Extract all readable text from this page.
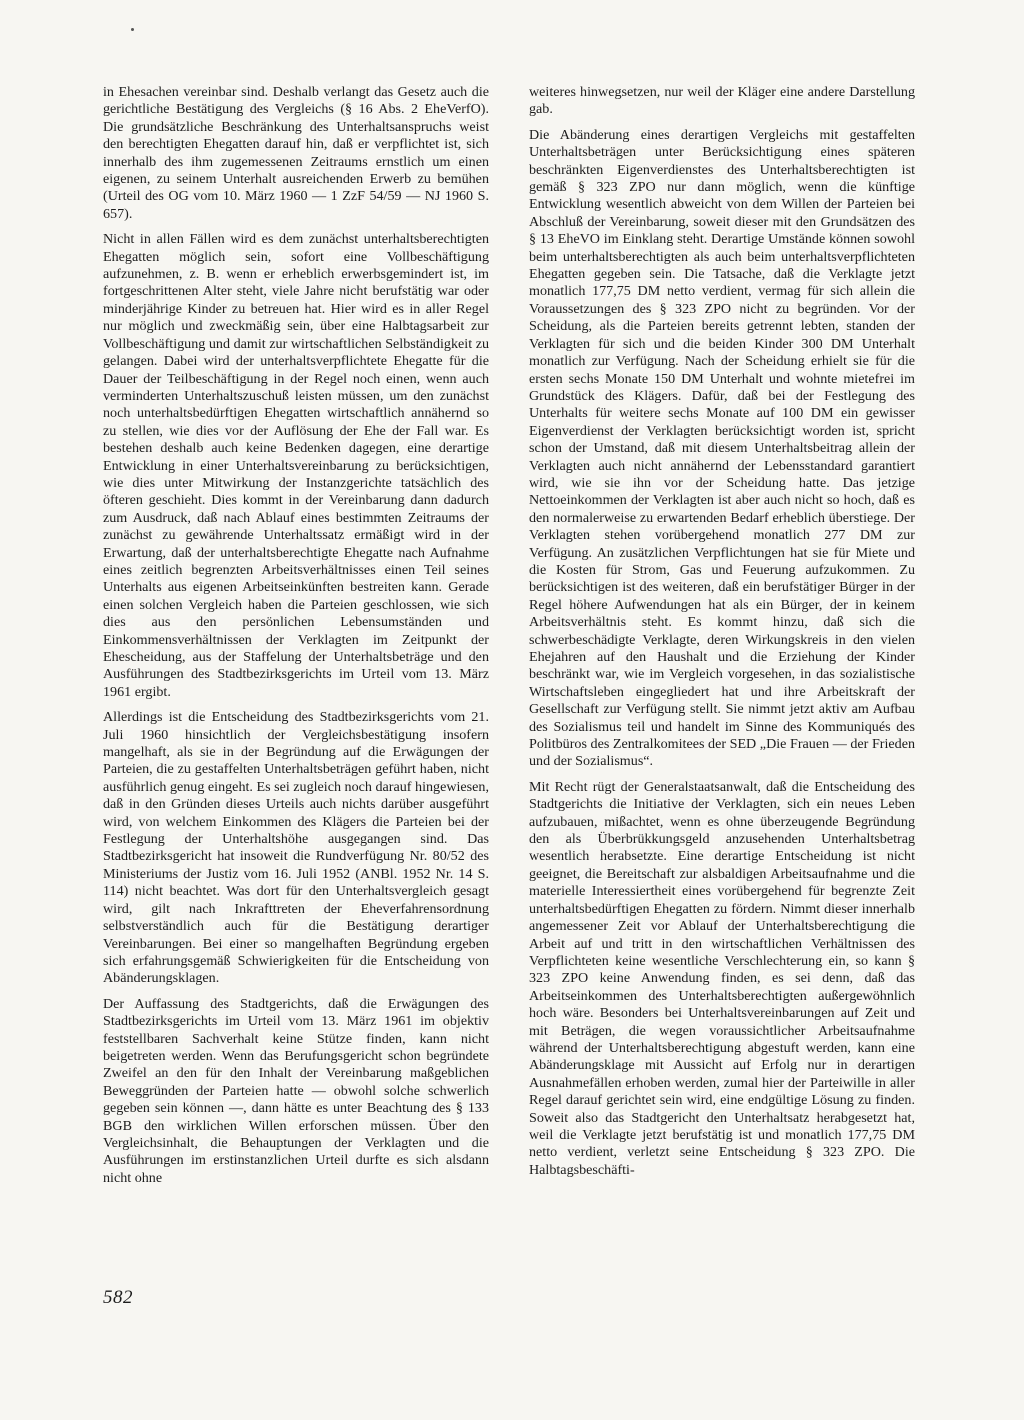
in Ehesachen vereinbar sind. Deshalb verlangt das Gesetz auch die gerichtliche Bestätigung des Vergleichs (§ 16 Abs. 2 EheVerfO). Die grundsätzliche Beschränkung des Unterhaltsanspruchs weist den berechtigten Ehegatten darauf hin, daß er verpflichtet ist, sich innerhalb des ihm zugemessenen Zeitraums ernstlich um einen eigenen, zu seinem Unterhalt ausreichenden Erwerb zu bemühen (Urteil des OG vom 10. März 1960 — 1 ZzF 54/59 — NJ 1960 S. 657).

Nicht in allen Fällen wird es dem zunächst unterhaltsberechtigten Ehegatten möglich sein, sofort eine Vollbeschäftigung aufzunehmen, z. B. wenn er erheblich erwerbsgemindert ist, im fortgeschrittenen Alter steht, viele Jahre nicht berufstätig war oder minderjährige Kinder zu betreuen hat. Hier wird es in aller Regel nur möglich und zweckmäßig sein, über eine Halbtagsarbeit zur Vollbeschäftigung und damit zur wirtschaftlichen Selbständigkeit zu gelangen. Dabei wird der unterhaltsverpflichtete Ehegatte für die Dauer der Teilbeschäftigung in der Regel noch einen, wenn auch verminderten Unterhaltszuschuß leisten müssen, um den zunächst noch unterhaltsbedürftigen Ehegatten wirtschaftlich annähernd so zu stellen, wie dies vor der Auflösung der Ehe der Fall war. Es bestehen deshalb auch keine Bedenken dagegen, eine derartige Entwicklung in einer Unterhaltsvereinbarung zu berücksichtigen, wie dies unter Mitwirkung der Instanzgerichte tatsächlich des öfteren geschieht. Dies kommt in der Vereinbarung dann dadurch zum Ausdruck, daß nach Ablauf eines bestimmten Zeitraums der zunächst zu gewährende Unterhaltssatz ermäßigt wird in der Erwartung, daß der unterhaltsberechtigte Ehegatte nach Aufnahme eines zeitlich begrenzten Arbeitsverhältnisses einen Teil seines Unterhalts aus eigenen Arbeitseinkünften bestreiten kann. Gerade einen solchen Vergleich haben die Parteien geschlossen, wie sich dies aus den persönlichen Lebensumständen und Einkommensverhältnissen der Verklagten im Zeitpunkt der Ehescheidung, aus der Staffelung der Unterhaltsbeträge und den Ausführungen des Stadtbezirksgerichts im Urteil vom 13. März 1961 ergibt.

Allerdings ist die Entscheidung des Stadtbezirksgerichts vom 21. Juli 1960 hinsichtlich der Vergleichsbestätigung insofern mangelhaft, als sie in der Begründung auf die Erwägungen der Parteien, die zu gestaffelten Unterhaltsbeträgen geführt haben, nicht ausführlich genug eingeht. Es sei zugleich noch darauf hingewiesen, daß in den Gründen dieses Urteils auch nichts darüber ausgeführt wird, von welchem Einkommen des Klägers die Parteien bei der Festlegung der Unterhaltshöhe ausgegangen sind. Das Stadtbezirksgericht hat insoweit die Rundverfügung Nr. 80/52 des Ministeriums der Justiz vom 16. Juli 1952 (ANBl. 1952 Nr. 14 S. 114) nicht beachtet. Was dort für den Unterhaltsvergleich gesagt wird, gilt nach Inkrafttreten der Eheverfahrensordnung selbstverständlich auch für die Bestätigung derartiger Vereinbarungen. Bei einer so mangelhaften Begründung ergeben sich erfahrungsgemäß Schwierigkeiten für die Entscheidung von Abänderungsklagen.

Der Auffassung des Stadtgerichts, daß die Erwägungen des Stadtbezirksgerichts im Urteil vom 13. März 1961 im objektiv feststellbaren Sachverhalt keine Stütze finden, kann nicht beigetreten werden. Wenn das Berufungsgericht schon begründete Zweifel an den für den Inhalt der Vereinbarung maßgeblichen Beweggründen der Parteien hatte — obwohl solche schwerlich gegeben sein können —, dann hätte es unter Beachtung des § 133 BGB den wirklichen Willen erforschen müssen. Über den Vergleichsinhalt, die Behauptungen der Verklagten und die Ausführungen im erstinstanzlichen Urteil durfte es sich alsdann nicht ohne

weiteres hinwegsetzen, nur weil der Kläger eine andere Darstellung gab.

Die Abänderung eines derartigen Vergleichs mit gestaffelten Unterhaltsbeträgen unter Berücksichtigung eines späteren beschränkten Eigenverdienstes des Unterhaltsberechtigten ist gemäß § 323 ZPO nur dann möglich, wenn die künftige Entwicklung wesentlich abweicht von dem Willen der Parteien bei Abschluß der Vereinbarung, soweit dieser mit den Grundsätzen des § 13 EheVO im Einklang steht. Derartige Umstände können sowohl beim unterhaltsberechtigten als auch beim unterhaltsverpflichteten Ehegatten gegeben sein. Die Tatsache, daß die Verklagte jetzt monatlich 177,75 DM netto verdient, vermag für sich allein die Voraussetzungen des § 323 ZPO nicht zu begründen. Vor der Scheidung, als die Parteien bereits getrennt lebten, standen der Verklagten für sich und die beiden Kinder 300 DM Unterhalt monatlich zur Verfügung. Nach der Scheidung erhielt sie für die ersten sechs Monate 150 DM Unterhalt und wohnte mietefrei im Grundstück des Klägers. Dafür, daß bei der Festlegung des Unterhalts für weitere sechs Monate auf 100 DM ein gewisser Eigenverdienst der Verklagten berücksichtigt worden ist, spricht schon der Umstand, daß mit diesem Unterhaltsbeitrag allein der Verklagten auch nicht annähernd der Lebensstandard garantiert wird, wie sie ihn vor der Scheidung hatte. Das jetzige Nettoeinkommen der Verklagten ist aber auch nicht so hoch, daß es den normalerweise zu erwartenden Bedarf erheblich überstiege. Der Verklagten stehen vorübergehend monatlich 277 DM zur Verfügung. An zusätzlichen Verpflichtungen hat sie für Miete und die Kosten für Strom, Gas und Feuerung aufzukommen. Zu berücksichtigen ist des weiteren, daß ein berufstätiger Bürger in der Regel höhere Aufwendungen hat als ein Bürger, der in keinem Arbeitsverhältnis steht. Es kommt hinzu, daß sich die schwerbeschädigte Verklagte, deren Wirkungskreis in den vielen Ehejahren auf den Haushalt und die Erziehung der Kinder beschränkt war, wie im Vergleich vorgesehen, in das sozialistische Wirtschaftsleben eingegliedert hat und ihre Arbeitskraft der Gesellschaft zur Verfügung stellt. Sie nimmt jetzt aktiv am Aufbau des Sozialismus teil und handelt im Sinne des Kommuniqués des Politbüros des Zentralkomitees der SED „Die Frauen — der Frieden und der Sozialismus“.

Mit Recht rügt der Generalstaatsanwalt, daß die Entscheidung des Stadtgerichts die Initiative der Verklagten, sich ein neues Leben aufzubauen, mißachtet, wenn es ohne überzeugende Begründung den als Überbrükkungsgeld anzusehenden Unterhaltsbetrag wesentlich herabsetzte. Eine derartige Entscheidung ist nicht geeignet, die Bereitschaft zur alsbaldigen Arbeitsaufnahme und die materielle Interessiertheit eines vorübergehend für begrenzte Zeit unterhaltsbedürftigen Ehegatten zu fördern. Nimmt dieser innerhalb angemessener Zeit vor Ablauf der Unterhaltsberechtigung die Arbeit auf und tritt in den wirtschaftlichen Verhältnissen des Verpflichteten keine wesentliche Verschlechterung ein, so kann § 323 ZPO keine Anwendung finden, es sei denn, daß das Arbeitseinkommen des Unterhaltsberechtigten außergewöhnlich hoch wäre. Besonders bei Unterhaltsvereinbarungen auf Zeit und mit Beträgen, die wegen voraussichtlicher Arbeitsaufnahme während der Unterhaltsberechtigung abgestuft werden, kann eine Abänderungsklage mit Aussicht auf Erfolg nur in derartigen Ausnahmefällen erhoben werden, zumal hier der Parteiwille in aller Regel darauf gerichtet sein wird, eine endgültige Lösung zu finden. Soweit also das Stadtgericht den Unterhaltsatz herabgesetzt hat, weil die Verklagte jetzt berufstätig ist und monatlich 177,75 DM netto verdient, verletzt seine Entscheidung § 323 ZPO. Die Halbtagsbeschäfti-

582
